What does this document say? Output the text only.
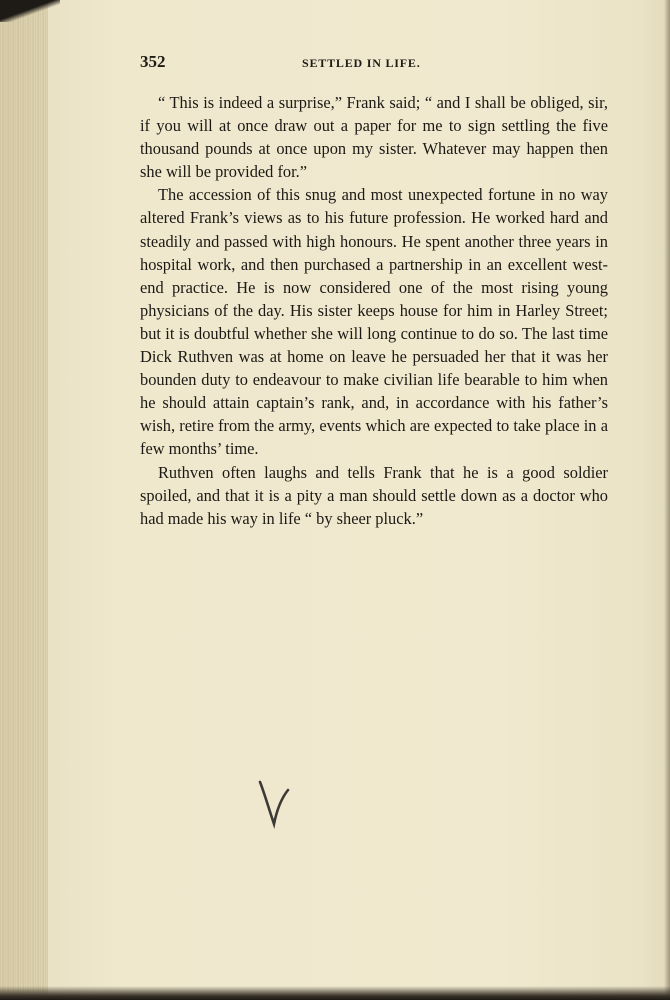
352	SETTLED IN LIFE.

“ This is indeed a surprise,” Frank said; “ and I shall be obliged, sir, if you will at once draw out a paper for me to sign settling the five thousand pounds at once upon my sister. Whatever may happen then she will be provided for.”

The accession of this snug and most unexpected fortune in no way altered Frank’s views as to his future profession. He worked hard and steadily and passed with high honours. He spent another three years in hospital work, and then purchased a partnership in an excellent west-end practice. He is now considered one of the most rising young physicians of the day. His sister keeps house for him in Harley Street; but it is doubtful whether she will long continue to do so. The last time Dick Ruthven was at home on leave he persuaded her that it was her bounden duty to endeavour to make civilian life bearable to him when he should attain captain’s rank, and, in accordance with his father’s wish, retire from the army, events which are expected to take place in a few months’ time.

Ruthven often laughs and tells Frank that he is a good soldier spoiled, and that it is a pity a man should settle down as a doctor who had made his way in life “ by sheer pluck.”
